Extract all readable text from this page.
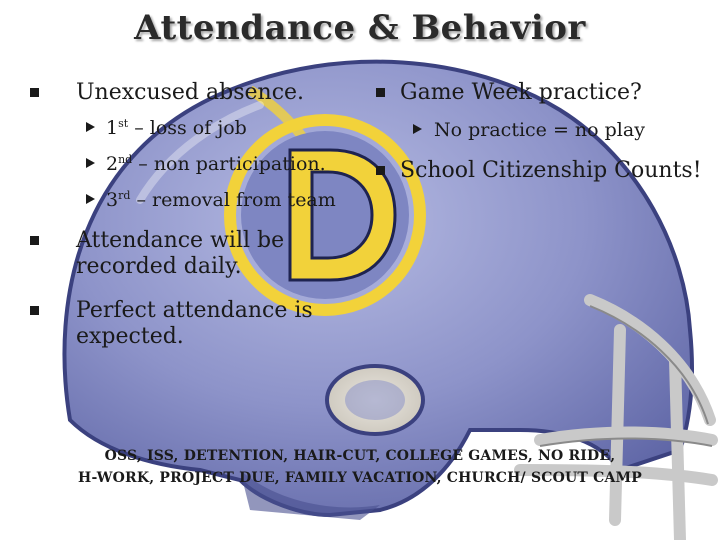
Attendance & Behavior
Unexcused absence.
1st – loss of job
2nd – non participation.
3rd – removal from team
Attendance will be
recorded daily.
Perfect attendance is
expected.
Game Week practice?
No practice = no play
School Citizenship Counts!
OSS, ISS, DETENTION, HAIR-CUT, COLLEGE GAMES, NO RIDE,
H-WORK, PROJECT DUE, FAMILY VACATION, CHURCH/ SCOUT CAMP
